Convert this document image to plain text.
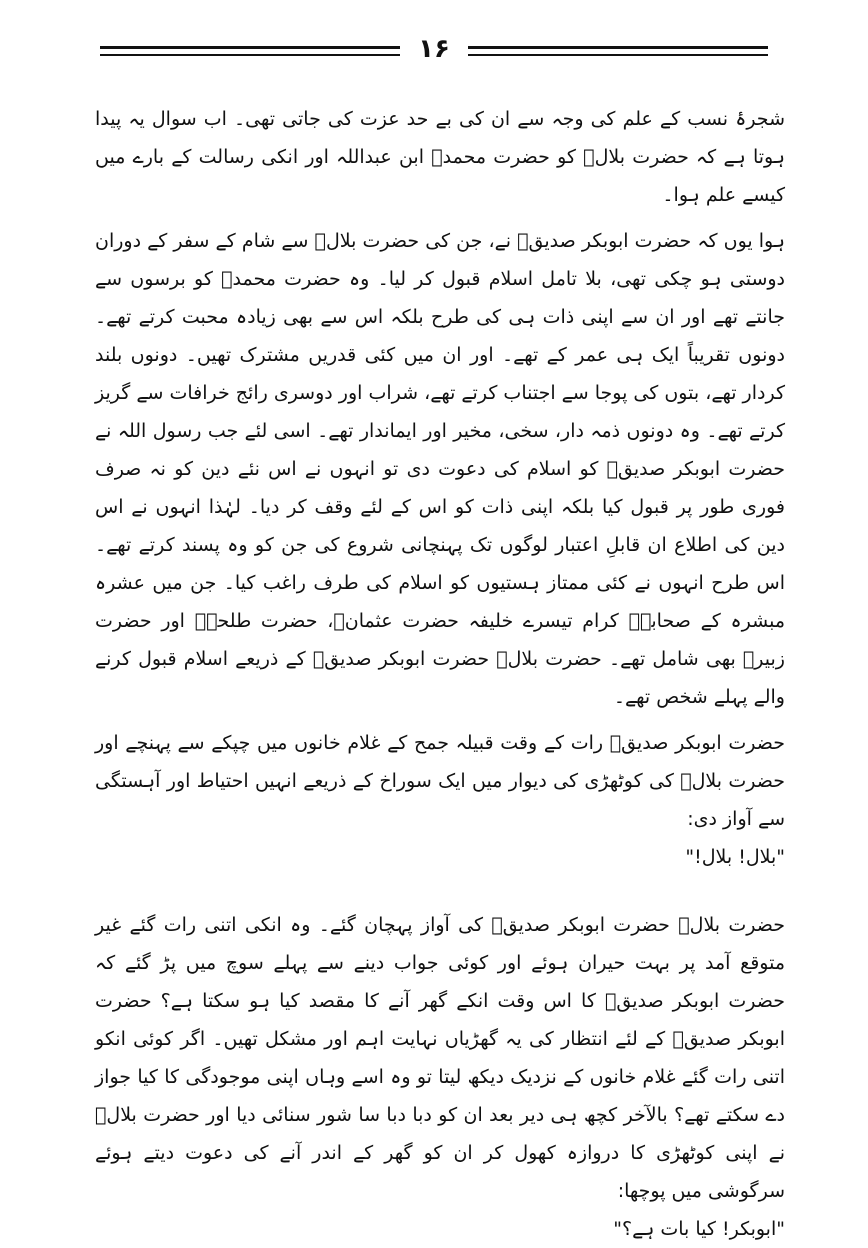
۱۶

شجرۂ نسب کے علم کی وجہ سے ان کی بے حد عزت کی جاتی تھی۔ اب سوال یہ پیدا ہوتا ہے کہ حضرت بلالؓ کو حضرت محمدؐ ابن عبداللہ اور انکی رسالت کے بارے میں کیسے علم ہوا۔

ہوا یوں کہ حضرت ابوبکر صدیقؓ نے، جن کی حضرت بلالؓ سے شام کے سفر کے دوران دوستی ہو چکی تھی، بلا تامل اسلام قبول کر لیا۔ وہ حضرت محمدؐ کو برسوں سے جانتے تھے اور ان سے اپنی ذات ہی کی طرح بلکہ اس سے بھی زیادہ محبت کرتے تھے۔ دونوں تقریباً ایک ہی عمر کے تھے۔ اور ان میں کئی قدریں مشترک تھیں۔ دونوں بلند کردار تھے، بتوں کی پوجا سے اجتناب کرتے تھے، شراب اور دوسری رائج خرافات سے گریز کرتے تھے۔ وہ دونوں ذمہ دار، سخی، مخیر اور ایماندار تھے۔ اسی لئے جب رسول اللہ نے حضرت ابوبکر صدیقؓ کو اسلام کی دعوت دی تو انہوں نے اس نئے دین کو نہ صرف فوری طور پر قبول کیا بلکہ اپنی ذات کو اس کے لئے وقف کر دیا۔ لہٰذا انہوں نے اس دین کی اطلاع ان قابلِ اعتبار لوگوں تک پہنچانی شروع کی جن کو وہ پسند کرتے تھے۔ اس طرح انہوں نے کئی ممتاز ہستیوں کو اسلام کی طرف راغب کیا۔ جن میں عشرہ مبشرہ کے صحابہؓ کرام تیسرے خلیفہ حضرت عثمانؓ، حضرت طلحہؓ اور حضرت زبیرؓ بھی شامل تھے۔ حضرت بلالؓ حضرت ابوبکر صدیقؓ کے ذریعے اسلام قبول کرنے والے پہلے شخص تھے۔

حضرت ابوبکر صدیقؓ رات کے وقت قبیلہ جمح کے غلام خانوں میں چپکے سے پہنچے اور حضرت بلالؓ کی کوٹھڑی کی دیوار میں ایک سوراخ کے ذریعے انہیں احتیاط اور آہستگی سے آواز دی:

"بلال! بلال!"

حضرت بلالؓ حضرت ابوبکر صدیقؓ کی آواز پہچان گئے۔ وہ انکی اتنی رات گئے غیر متوقع آمد پر بہت حیران ہوئے اور کوئی جواب دینے سے پہلے سوچ میں پڑ گئے کہ حضرت ابوبکر صدیقؓ کا اس وقت انکے گھر آنے کا مقصد کیا ہو سکتا ہے؟ حضرت ابوبکر صدیقؓ کے لئے انتظار کی یہ گھڑیاں نہایت اہم اور مشکل تھیں۔ اگر کوئی انکو اتنی رات گئے غلام خانوں کے نزدیک دیکھ لیتا تو وہ اسے وہاں اپنی موجودگی کا کیا جواز دے سکتے تھے؟ بالآخر کچھ ہی دیر بعد ان کو دبا دبا سا شور سنائی دیا اور حضرت بلالؓ نے اپنی کوٹھڑی کا دروازہ کھول کر ان کو گھر کے اندر آنے کی دعوت دیتے ہوئے سرگوشی میں پوچھا:

"ابوبکر! کیا بات ہے؟"
